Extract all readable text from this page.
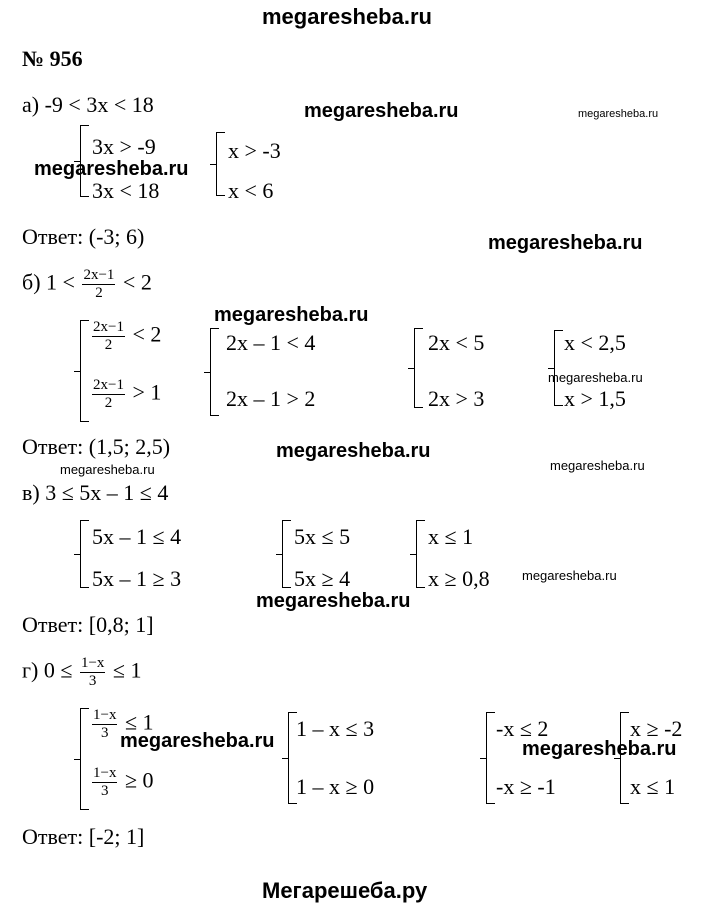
megaresheba.ru
Мегарешеба.ру
№ 956
а) -9 < 3x < 18
3x > -9
3x < 18
x > -3
x < 6
Ответ: (-3; 6)
б) $1 < \frac{2x-1}{2} < 2$
$\frac{2x-1}{2} < 2$
$\frac{2x-1}{2} > 1$
2x – 1 < 4
2x – 1 > 2
2x < 5
2x > 3
x < 2,5
x > 1,5
Ответ: (1,5; 2,5)
в) 3 ≤ 5x – 1 ≤ 4
5x – 1 ≤ 4
5x – 1 ≥ 3
5x ≤ 5
5x ≥ 4
x ≤ 1
x ≥ 0,8
Ответ: [0,8; 1]
г) $0 \le \frac{1-x}{3} \le 1$
$\frac{1-x}{3} \le 1$
$\frac{1-x}{3} \ge 0$
1 – x ≤ 3
1 – x ≥ 0
-x ≤ 2
-x ≥ -1
x ≥ -2
x ≤ 1
Ответ: [-2; 1]
megaresheba.ru	megaresheba.ru
megaresheba.ru
megaresheba.ru
megaresheba.ru
megaresheba.ru
megaresheba.ru
megaresheba.ru	megaresheba.ru
megaresheba.ru
megaresheba.ru
megaresheba.ru	megaresheba.ru
